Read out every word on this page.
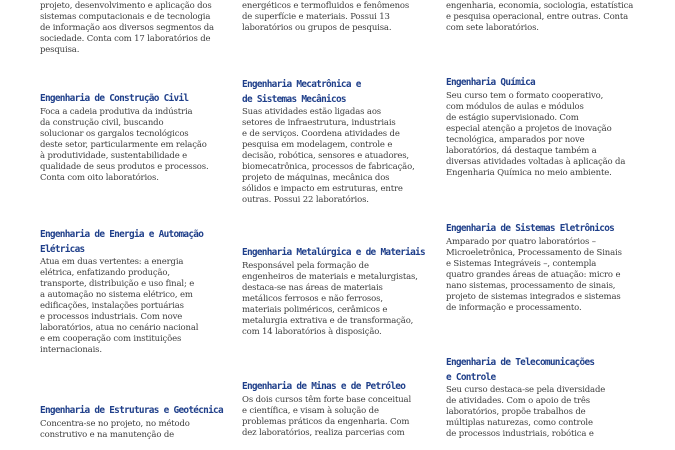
projeto, desenvolvimento e aplicação dos
sistemas computacionais e de tecnologia
de informação aos diversos segmentos da
sociedade. Conta com 17 laboratórios de
pesquisa.
Engenharia de Construção Civil
Foca a cadeia produtiva da indústria
da construção civil, buscando
solucionar os gargalos tecnológicos
deste setor, particularmente em relação
à produtividade, sustentabilidade e
qualidade de seus produtos e processos.
Conta com oito laboratórios.
Engenharia de Energia e Automação
Elétricas
Atua em duas vertentes: a energia
elétrica, enfatizando produção,
transporte, distribuição e uso final; e
a automação no sistema elétrico, em
edificações, instalações portuárias
e processos industriais. Com nove
laboratórios, atua no cenário nacional
e em cooperação com instituições
internacionais.
Engenharia de Estruturas e Geotécnica
Concentra-se no projeto, no método
construtivo e na manutenção de
energéticos e termofluidos e fenômenos
de superfície e materiais. Possui 13
laboratórios ou grupos de pesquisa.
Engenharia Mecatrônica e
de Sistemas Mecânicos
Suas atividades estão ligadas aos
setores de infraestrutura, industriais
e de serviços. Coordena atividades de
pesquisa em modelagem, controle e
decisão, robótica, sensores e atuadores,
biomecatrônica, processos de fabricação,
projeto de máquinas, mecânica dos
sólidos e impacto em estruturas, entre
outras. Possui 22 laboratórios.
Engenharia Metalúrgica e de Materiais
Responsável pela formação de
engenheiros de materiais e metalurgistas,
destaca-se nas áreas de materiais
metálicos ferrosos e não ferrosos,
materiais poliméricos, cerâmicos e
metalurgia extrativa e de transformação,
com 14 laboratórios à disposição.
Engenharia de Minas e de Petróleo
Os dois cursos têm forte base conceitual
e científica, e visam à solução de
problemas práticos da engenharia. Com
dez laboratórios, realiza parcerias com
engenharia, economia, sociologia, estatística
e pesquisa operacional, entre outras. Conta
com sete laboratórios.
Engenharia Química
Seu curso tem o formato cooperativo,
com módulos de aulas e módulos
de estágio supervisionado. Com
especial atenção a projetos de inovação
tecnológica, amparados por nove
laboratórios, dá destaque também a
diversas atividades voltadas à aplicação da
Engenharia Química no meio ambiente.
Engenharia de Sistemas Eletrônicos
Amparado por quatro laboratórios –
Microeletrônica, Processamento de Sinais
e Sistemas Integráveis –, contempla
quatro grandes áreas de atuação: micro e
nano sistemas, processamento de sinais,
projeto de sistemas integrados e sistemas
de informação e processamento.
Engenharia de Telecomunicações
e Controle
Seu curso destaca-se pela diversidade
de atividades. Com o apoio de três
laboratórios, propõe trabalhos de
múltiplas naturezas, como controle
de processos industriais, robótica e
